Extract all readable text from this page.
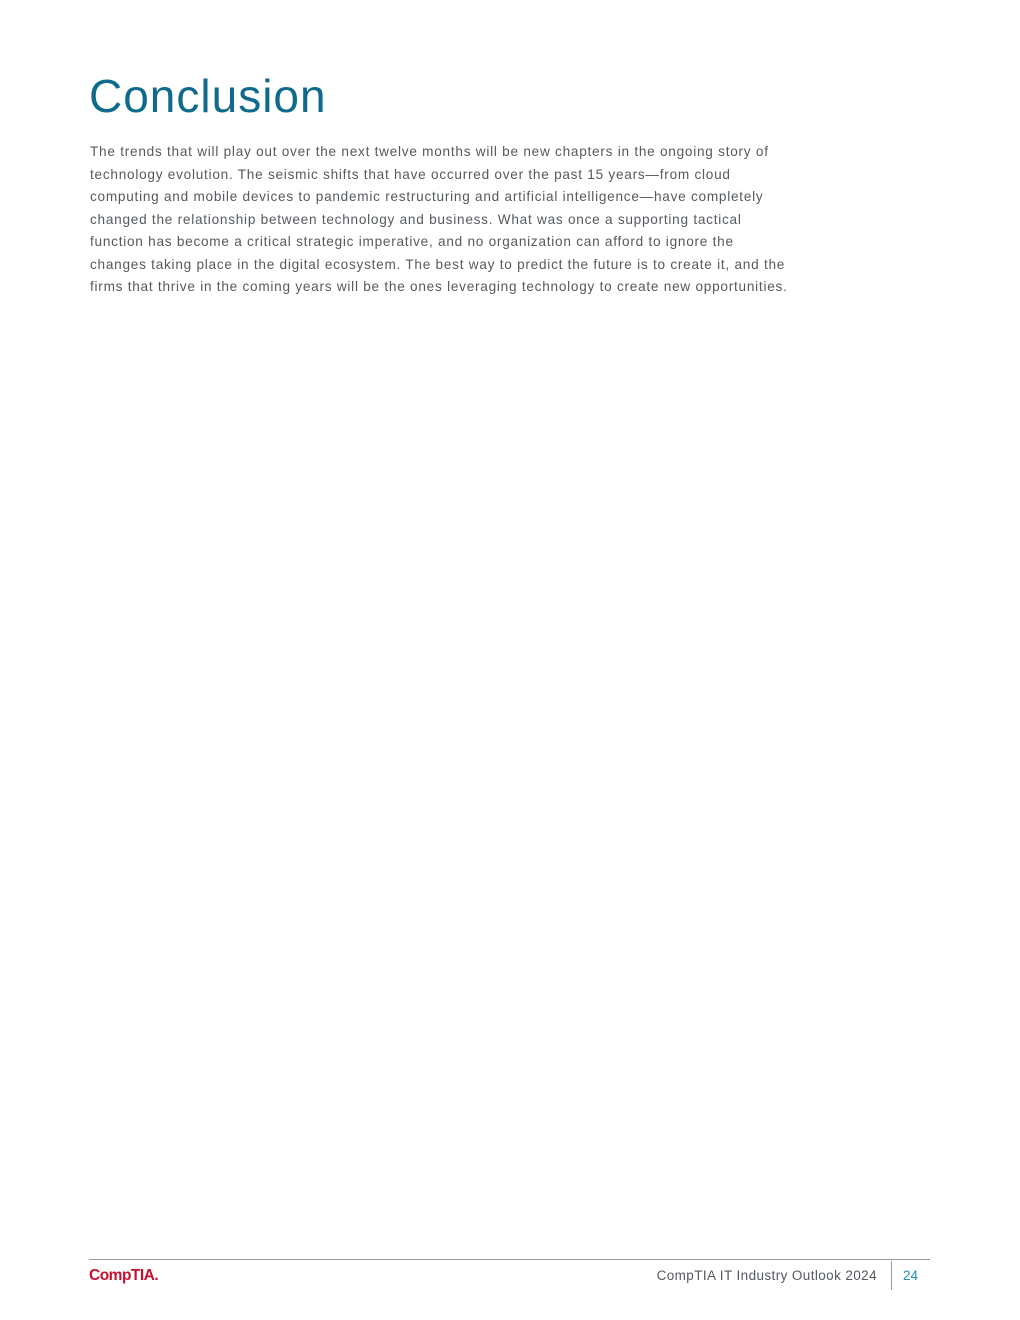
Conclusion

The trends that will play out over the next twelve months will be new chapters in the ongoing story of technology evolution. The seismic shifts that have occurred over the past 15 years—from cloud computing and mobile devices to pandemic restructuring and artificial intelligence—have completely changed the relationship between technology and business. What was once a supporting tactical function has become a critical strategic imperative, and no organization can afford to ignore the changes taking place in the digital ecosystem. The best way to predict the future is to create it, and the firms that thrive in the coming years will be the ones leveraging technology to create new opportunities.

CompTIA.	CompTIA IT Industry Outlook 2024 24
